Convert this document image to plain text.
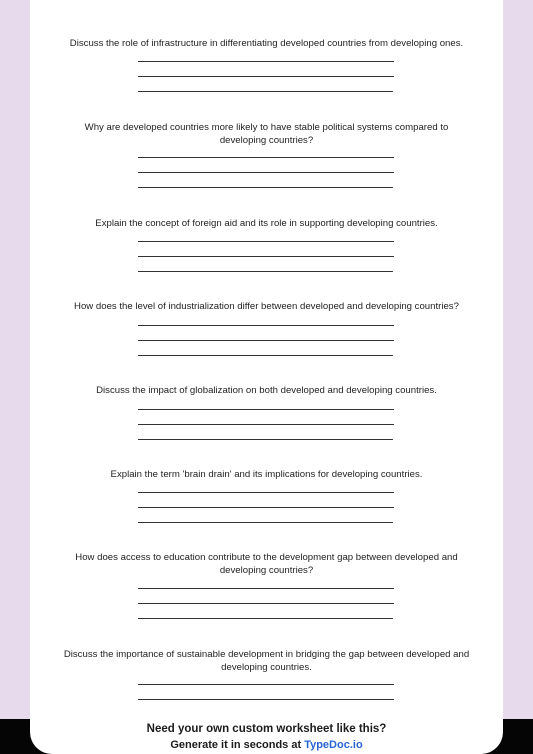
Discuss the role of infrastructure in differentiating developed countries from developing ones.
Why are developed countries more likely to have stable political systems compared to developing countries?
Explain the concept of foreign aid and its role in supporting developing countries.
How does the level of industrialization differ between developed and developing countries?
Discuss the impact of globalization on both developed and developing countries.
Explain the term 'brain drain' and its implications for developing countries.
How does access to education contribute to the development gap between developed and developing countries?
Discuss the importance of sustainable development in bridging the gap between developed and developing countries.
Need your own custom worksheet like this?
Generate it in seconds at TypeDoc.io
